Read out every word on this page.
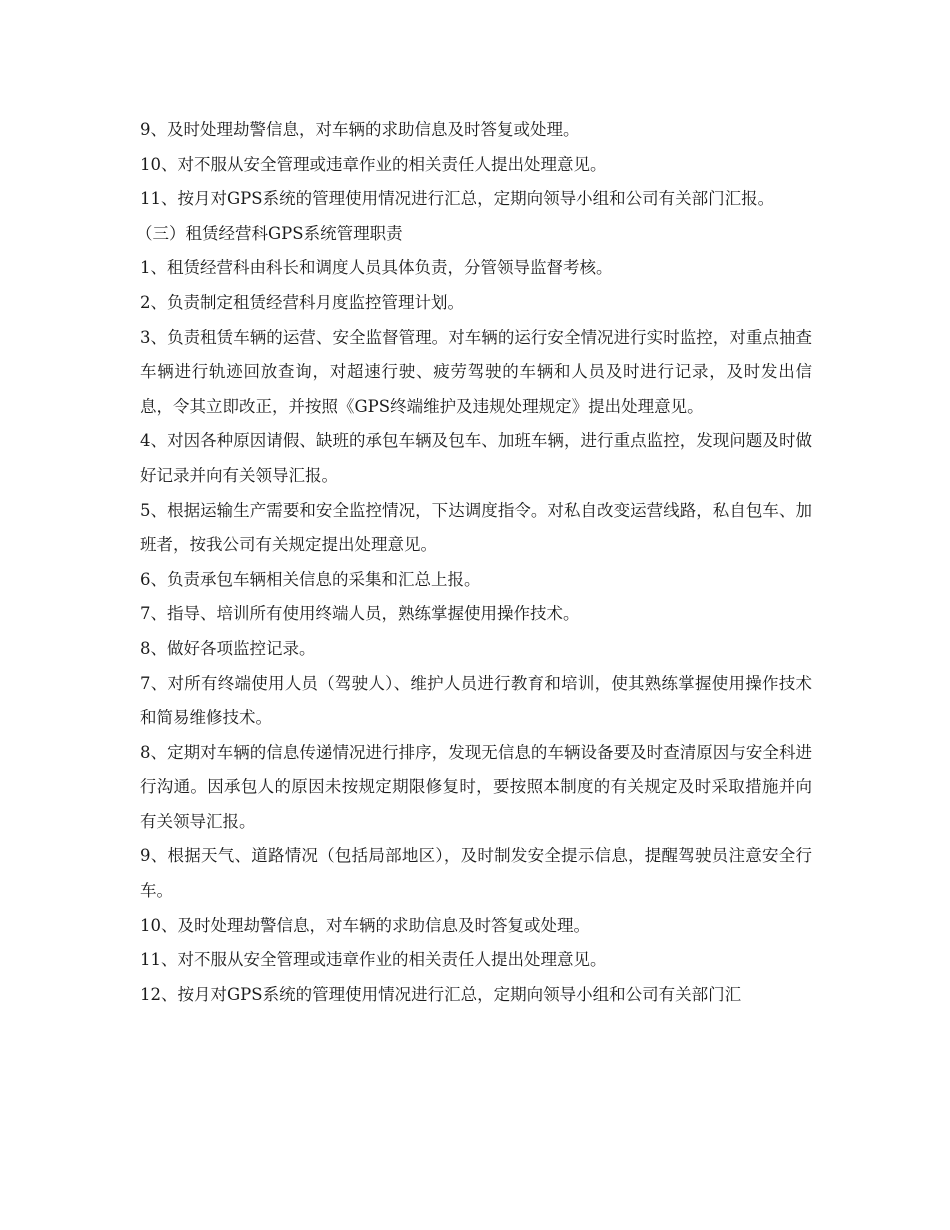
9、及时处理劫警信息，对车辆的求助信息及时答复或处理。

10、对不服从安全管理或违章作业的相关责任人提出处理意见。

11、按月对GPS系统的管理使用情况进行汇总，定期向领导小组和公司有关部门汇报。

（三）租赁经营科GPS系统管理职责

1、租赁经营科由科长和调度人员具体负责，分管领导监督考核。

2、负责制定租赁经营科月度监控管理计划。

3、负责租赁车辆的运营、安全监督管理。对车辆的运行安全情况进行实时监控，对重点抽查车辆进行轨迹回放查询，对超速行驶、疲劳驾驶的车辆和人员及时进行记录，及时发出信息，令其立即改正，并按照《GPS终端维护及违规处理规定》提出处理意见。

4、对因各种原因请假、缺班的承包车辆及包车、加班车辆，进行重点监控，发现问题及时做好记录并向有关领导汇报。

5、根据运输生产需要和安全监控情况，下达调度指令。对私自改变运营线路，私自包车、加班者，按我公司有关规定提出处理意见。

6、负责承包车辆相关信息的采集和汇总上报。

7、指导、培训所有使用终端人员，熟练掌握使用操作技术。

8、做好各项监控记录。

7、对所有终端使用人员（驾驶人）、维护人员进行教育和培训，使其熟练掌握使用操作技术和简易维修技术。

8、定期对车辆的信息传递情况进行排序，发现无信息的车辆设备要及时查清原因与安全科进行沟通。因承包人的原因未按规定期限修复时，要按照本制度的有关规定及时采取措施并向有关领导汇报。

9、根据天气、道路情况（包括局部地区），及时制发安全提示信息，提醒驾驶员注意安全行车。

10、及时处理劫警信息，对车辆的求助信息及时答复或处理。

11、对不服从安全管理或违章作业的相关责任人提出处理意见。

12、按月对GPS系统的管理使用情况进行汇总，定期向领导小组和公司有关部门汇
